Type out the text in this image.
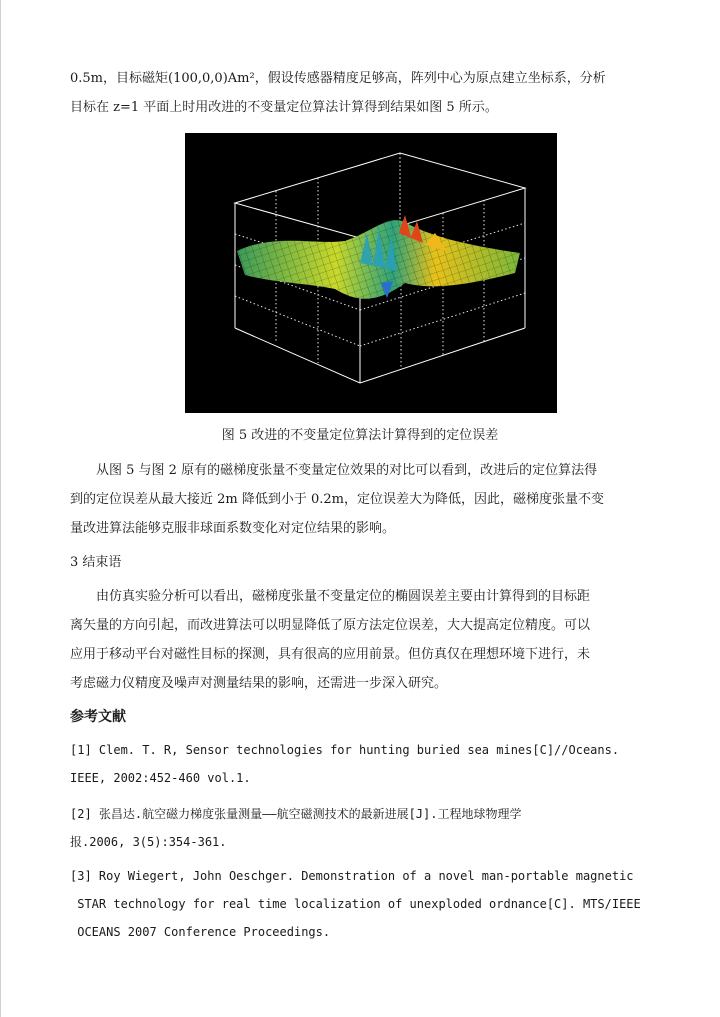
0.5m，目标磁矩(100,0,0)Am²，假设传感器精度足够高，阵列中心为原点建立坐标系，分析
目标在 z=1 平面上时用改进的不变量定位算法计算得到结果如图 5 所示。

图 5 改进的不变量定位算法计算得到的定位误差

从图 5 与图 2 原有的磁梯度张量不变量定位效果的对比可以看到，改进后的定位算法得
到的定位误差从最大接近 2m 降低到小于 0.2m，定位误差大为降低，因此，磁梯度张量不变
量改进算法能够克服非球面系数变化对定位结果的影响。

3 结束语

由仿真实验分析可以看出，磁梯度张量不变量定位的椭圆误差主要由计算得到的目标距
离矢量的方向引起，而改进算法可以明显降低了原方法定位误差，大大提高定位精度。可以
应用于移动平台对磁性目标的探测，具有很高的应用前景。但仿真仅在理想环境下进行，未
考虑磁力仪精度及噪声对测量结果的影响，还需进一步深入研究。

参考文献
[1] Clem. T. R, Sensor technologies for hunting buried sea mines[C]//Oceans.
IEEE, 2002:452-460 vol.1.
[2] 张昌达.航空磁力梯度张量测量——航空磁测技术的最新进展[J].工程地球物理学
报.2006, 3(5):354-361.
[3] Roy Wiegert, John Oeschger. Demonstration of a novel man-portable magnetic
STAR technology for real time localization of unexploded ordnance[C]. MTS/IEEE
OCEANS 2007 Conference Proceedings.
